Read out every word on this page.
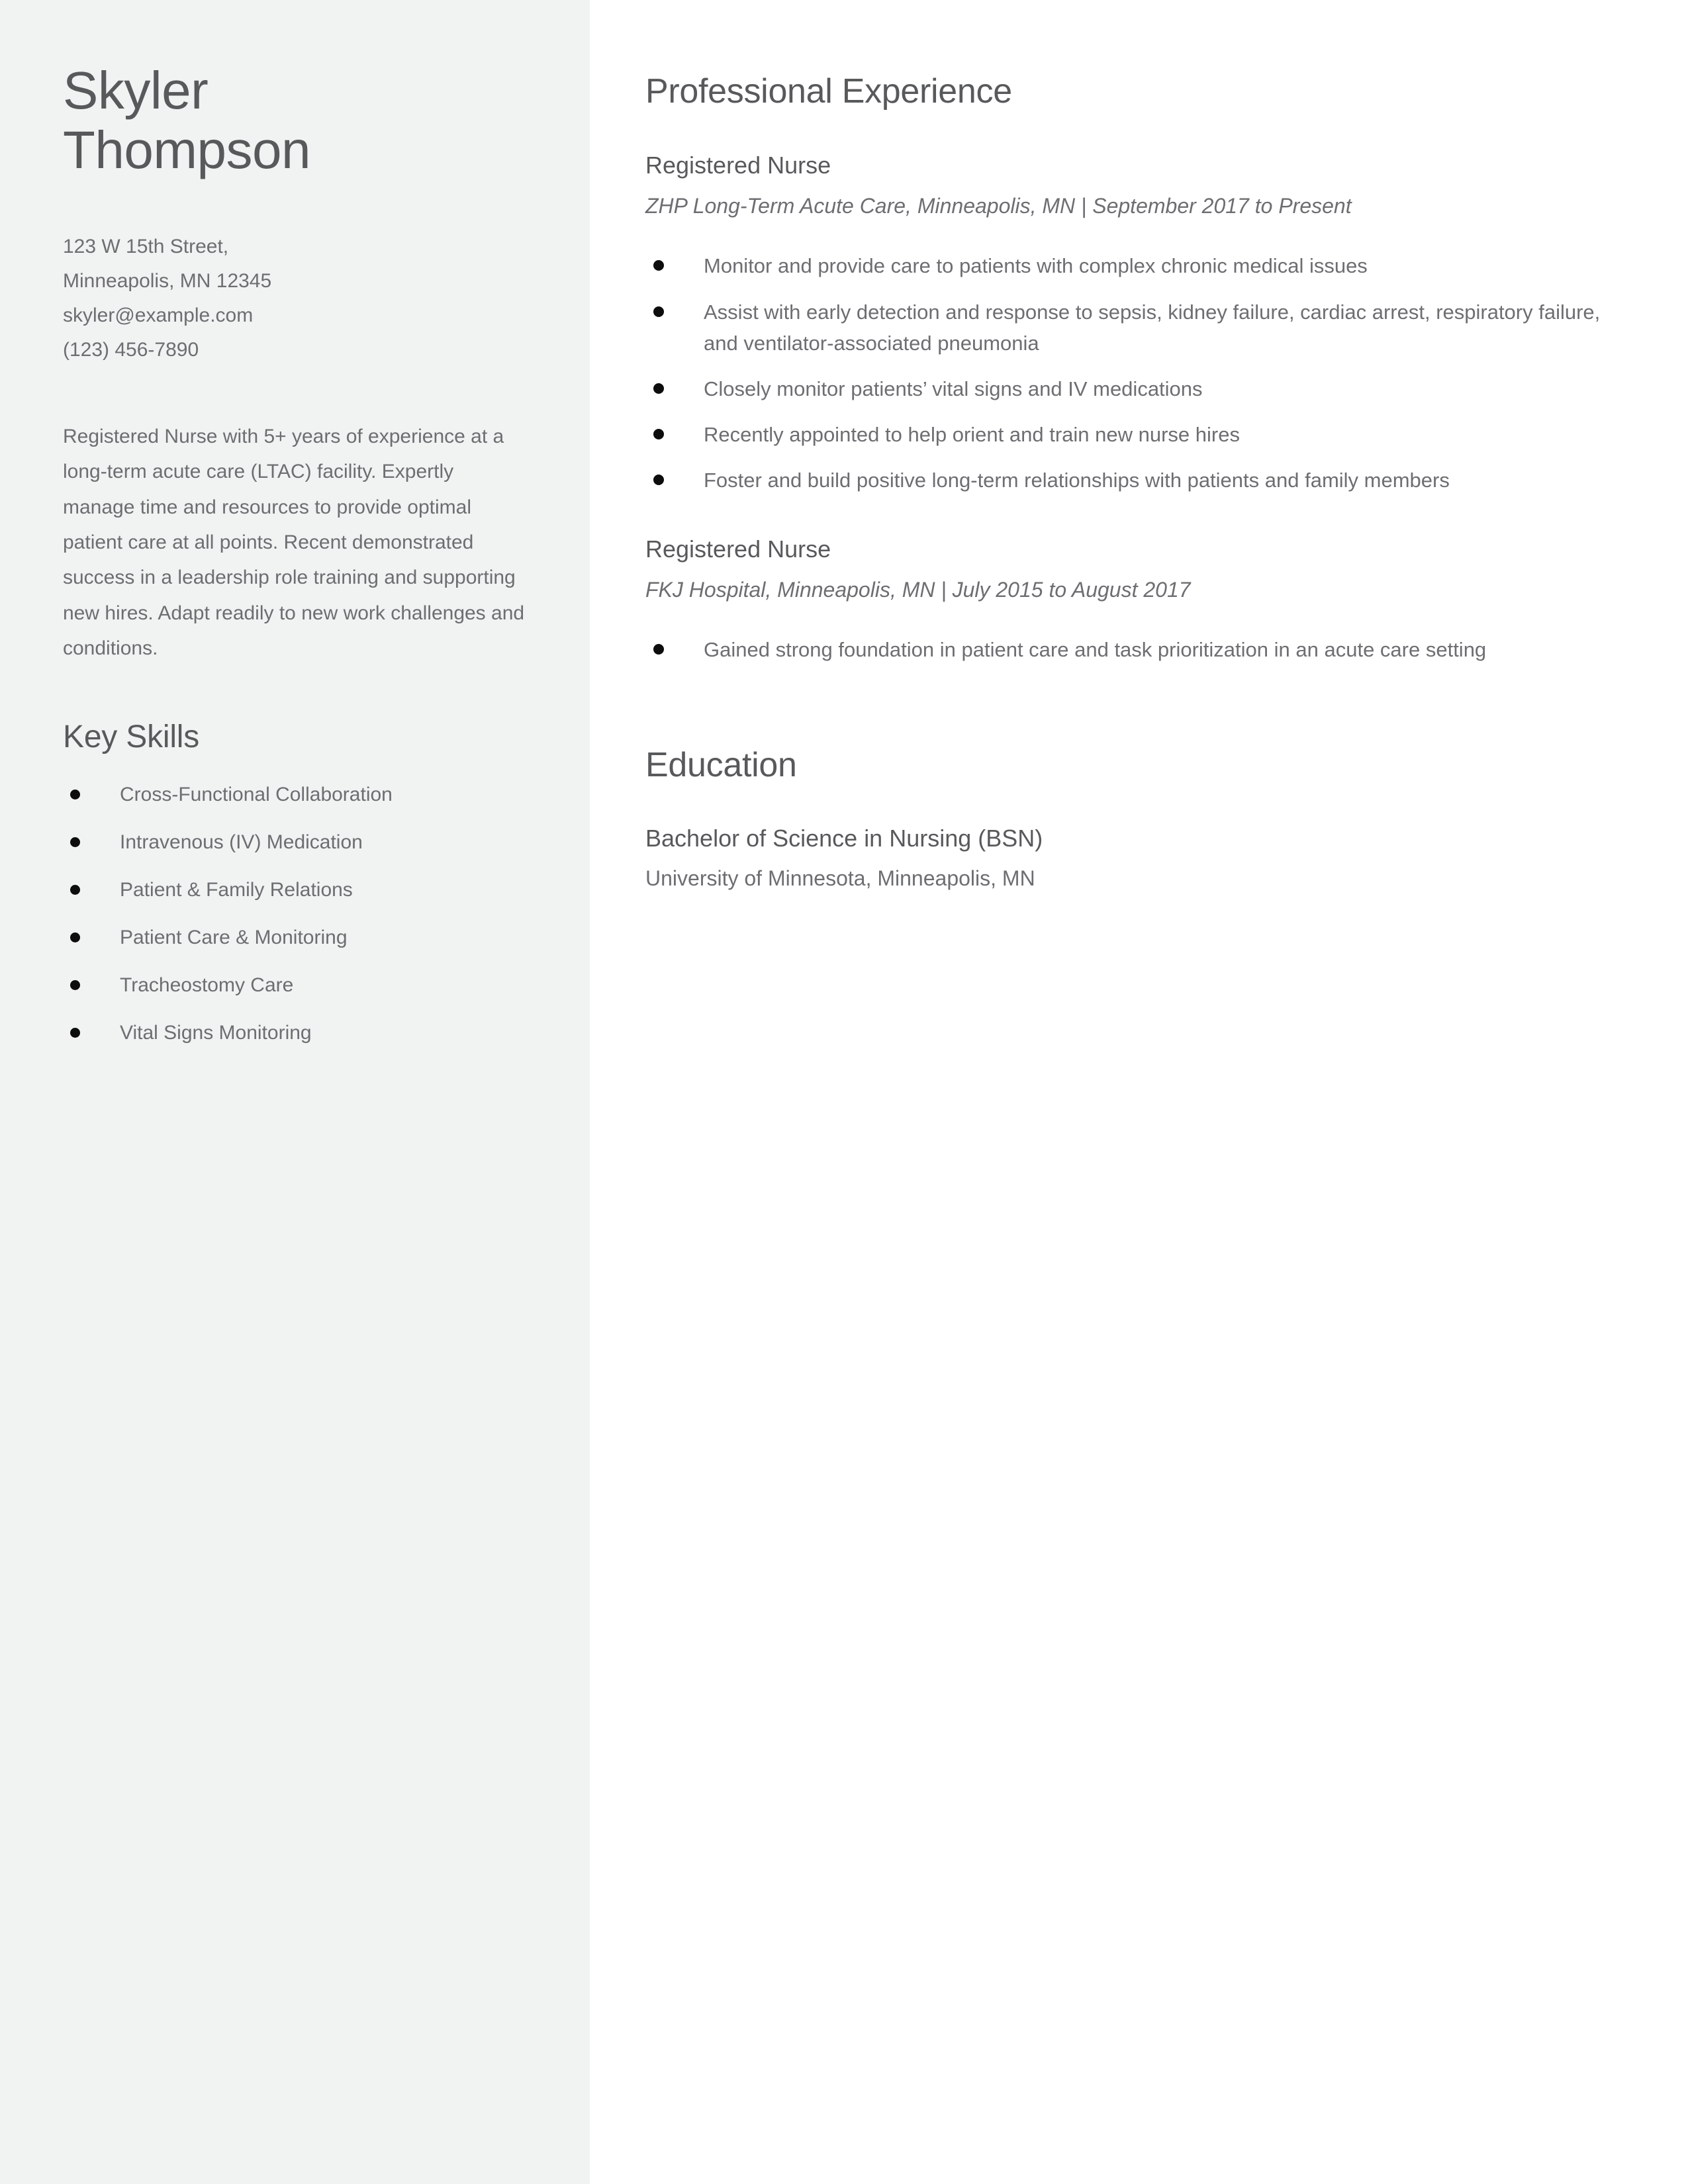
Skyler
Thompson
123 W 15th Street,
Minneapolis, MN 12345
skyler@example.com
(123) 456-7890

Registered Nurse with 5+ years of experience at a long-term acute care (LTAC) facility. Expertly manage time and resources to provide optimal patient care at all points. Recent demonstrated success in a leadership role training and supporting new hires. Adapt readily to new work challenges and conditions.

Key Skills
Cross-Functional Collaboration
Intravenous (IV) Medication
Patient & Family Relations
Patient Care & Monitoring
Tracheostomy Care
Vital Signs Monitoring
Professional Experience
Registered Nurse
ZHP Long-Term Acute Care, Minneapolis, MN | September 2017 to Present
Monitor and provide care to patients with complex chronic medical issues
Assist with early detection and response to sepsis, kidney failure, cardiac arrest, respiratory failure, and ventilator-associated pneumonia
Closely monitor patients’ vital signs and IV medications
Recently appointed to help orient and train new nurse hires
Foster and build positive long-term relationships with patients and family members
Registered Nurse
FKJ Hospital, Minneapolis, MN | July 2015 to August 2017
Gained strong foundation in patient care and task prioritization in an acute care setting
Education
Bachelor of Science in Nursing (BSN)
University of Minnesota, Minneapolis, MN
